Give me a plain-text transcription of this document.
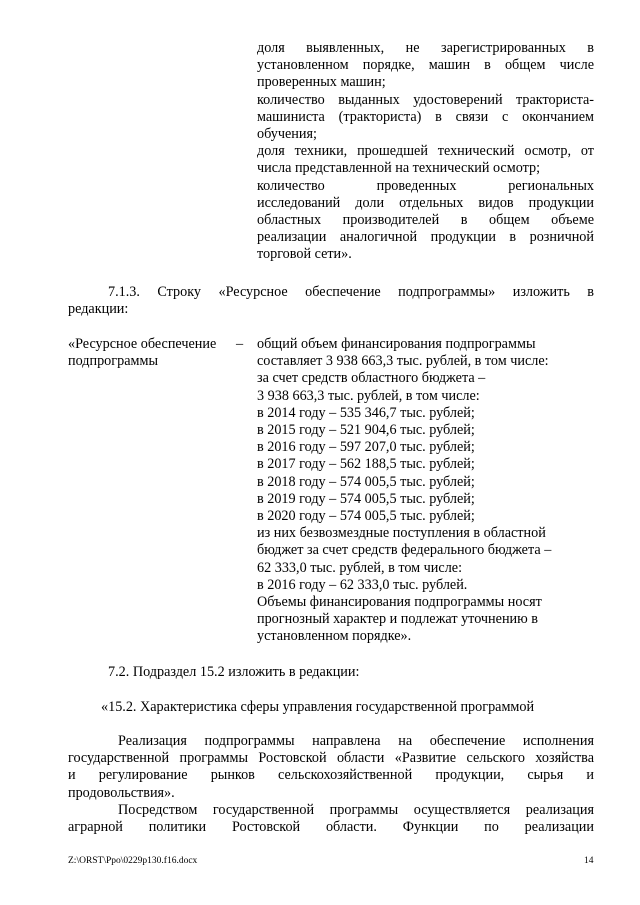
доля выявленных, не зарегистрированных в

установленном порядке, машин в общем числе

проверенных машин;

количество выданных удостоверений тракториста-

машиниста (тракториста) в связи с окончанием

обучения;

доля техники, прошедшей технический осмотр, от

числа представленной на технический осмотр;

количество проведенных региональных

исследований доли отдельных видов продукции

областных производителей в общем объеме

реализации аналогичной продукции в розничной

торговой сети».

7.1.3. Строку «Ресурсное обеспечение подпрограммы» изложить в

редакции:

«Ресурсное обеспечение

подпрограммы

– общий объем финансирования подпрограммы

составляет 3 938 663,3 тыс. рублей, в том числе:

за счет средств областного бюджета –

3 938 663,3 тыс. рублей, в том числе:

в 2014 году – 535 346,7 тыс. рублей;

в 2015 году – 521 904,6 тыс. рублей;

в 2016 году – 597 207,0 тыс. рублей;

в 2017 году – 562 188,5 тыс. рублей;

в 2018 году – 574 005,5 тыс. рублей;

в 2019 году – 574 005,5 тыс. рублей;

в 2020 году – 574 005,5 тыс. рублей;

из них безвозмездные поступления в областной

бюджет за счет средств федерального бюджета –

62 333,0 тыс. рублей, в том числе:

в 2016 году – 62 333,0 тыс. рублей.

Объемы финансирования подпрограммы носят

прогнозный характер и подлежат уточнению в

установленном порядке».

7.2. Подраздел 15.2 изложить в редакции:
«15.2. Характеристика сферы управления государственной программой

Реализация подпрограммы направлена на обеспечение исполнения

государственной программы Ростовской области «Развитие сельского хозяйства

и регулирование рынков сельскохозяйственной продукции, сырья и

продовольствия».

Посредством государственной программы осуществляется реализация

аграрной политики Ростовской области. Функции по реализации

Z:\ORST\Ppo\0229p130.f16.docx	14
